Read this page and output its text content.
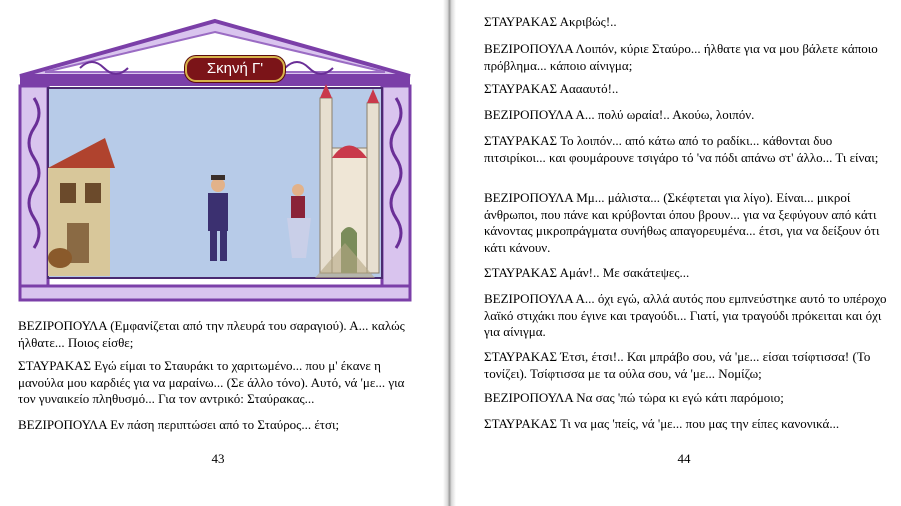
Σκηνή Γ'

ΒΕΖΙΡΟΠΟΥΛΑ (Εμφανίζεται από την πλευρά του σαραγιού). Α... καλώς ήλθατε... Ποιος είσθε;

ΣΤΑΥΡΑΚΑΣ Εγώ είμαι το Σταυράκι το χαριτωμένο... που μ' έκανε η μανούλα μου καρδιές για να μαραίνω... (Σε άλλο τόνο). Αυτό, νά 'με... για τον γυναικείο πληθυσμό... Για τον αντρικό: Σταύρακας...

ΒΕΖΙΡΟΠΟΥΛΑ Εν πάση περιπτώσει από το Σταύρος... έτσι;

43

ΣΤΑΥΡΑΚΑΣ Ακριβώς!..

ΒΕΖΙΡΟΠΟΥΛΑ Λοιπόν, κύριε Σταύρο... ήλθατε για να μου βάλετε κάποιο πρόβλημα... κάποιο αίνιγμα;

ΣΤΑΥΡΑΚΑΣ Ααααυτό!..

ΒΕΖΙΡΟΠΟΥΛΑ Α... πολύ ωραία!.. Ακούω, λοιπόν.

ΣΤΑΥΡΑΚΑΣ Το λοιπόν... από κάτω από το ραδίκι... κάθονται δυο πιτσιρίκοι... και φουμάρουνε τσιγάρο τό 'να πόδι απάνω στ' άλλο... Τι είναι;

ΒΕΖΙΡΟΠΟΥΛΑ Μμ... μάλιστα... (Σκέφτεται για λίγο). Είναι... μικροί άνθρωποι, που πάνε και κρύβονται όπου βρουν... για να ξεφύγουν από κάτι κάνοντας μικροπράγματα συνήθως απαγορευμένα... έτσι, για να δείξουν ότι κάτι κάνουν.

ΣΤΑΥΡΑΚΑΣ Αμάν!.. Με σακάτεψες...

ΒΕΖΙΡΟΠΟΥΛΑ Α... όχι εγώ, αλλά αυτός που εμπνεύστηκε αυτό το υπέροχο λαϊκό στιχάκι που έγινε και τραγούδι... Γιατί, για τραγούδι πρόκειται και όχι για αίνιγμα.

ΣΤΑΥΡΑΚΑΣ Έτσι, έτσι!.. Και μπράβο σου, νά 'με... είσαι τσίφτισσα! (Το τονίζει). Τσίφτισσα με τα ούλα σου, νά 'με... Νομίζω;

ΒΕΖΙΡΟΠΟΥΛΑ Να σας 'πώ τώρα κι εγώ κάτι παρόμοιο;

ΣΤΑΥΡΑΚΑΣ Τι να μας 'πείς, νά 'με... που μας την είπες κανονικά...

44
